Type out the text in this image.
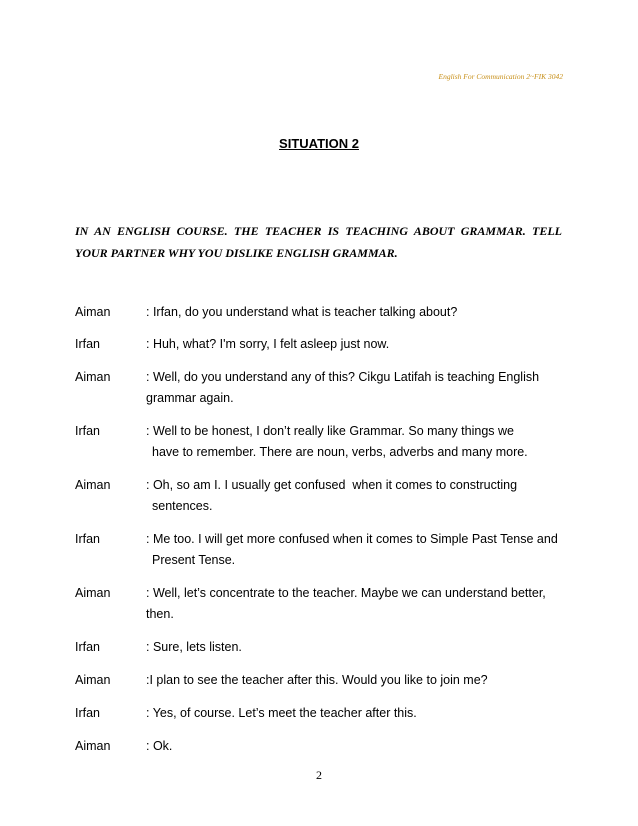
English For Communication 2~FIK 3042
SITUATION 2
IN AN ENGLISH COURSE. THE TEACHER IS TEACHING ABOUT GRAMMAR. TELL YOUR PARTNER WHY YOU DISLIKE ENGLISH GRAMMAR.
Aiman	: Irfan, do you understand what is teacher talking about?
Irfan	: Huh, what? I'm sorry, I felt asleep just now.
Aiman	: Well, do you understand any of this? Cikgu Latifah is teaching English
grammar again.
Irfan	: Well to be honest, I don’t really like Grammar. So many things we
have to remember. There are noun, verbs, adverbs and many more.
Aiman	: Oh, so am I. I usually get confused  when it comes to constructing
sentences.
Irfan	: Me too. I will get more confused when it comes to Simple Past Tense and
Present Tense.
Aiman	: Well, let’s concentrate to the teacher. Maybe we can understand better,
then.
Irfan	: Sure, lets listen.
Aiman	:I plan to see the teacher after this. Would you like to join me?
Irfan	: Yes, of course. Let’s meet the teacher after this.
Aiman	: Ok.
2
